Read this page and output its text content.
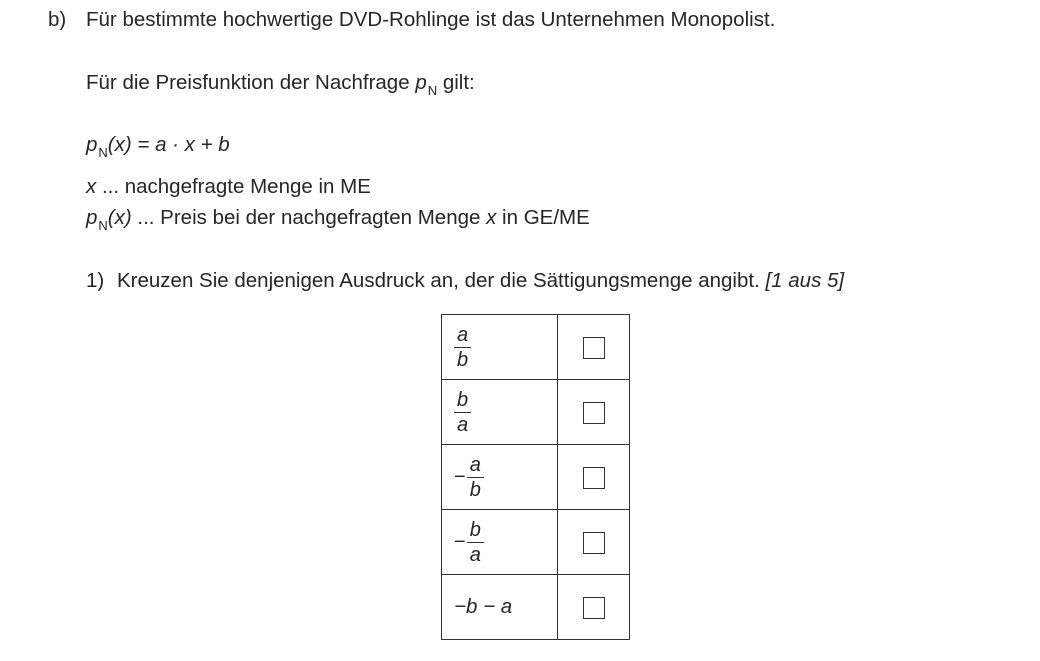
b) Für bestimmte hochwertige DVD-Rohlinge ist das Unternehmen Monopolist.
Für die Preisfunktion der Nachfrage $p_N$ gilt:
$p_N(x) = a \cdot x + b$
x ... nachgefragte Menge in ME
$p_N(x)$ ... Preis bei der nachgefragten Menge x in GE/ME
1) Kreuzen Sie denjenigen Ausdruck an, der die Sättigungsmenge angibt. [1 aus 5]
$\frac{a}{b}$

$\frac{b}{a}$

− $\frac{a}{b}$

− $\frac{b}{a}$

−b − a	
